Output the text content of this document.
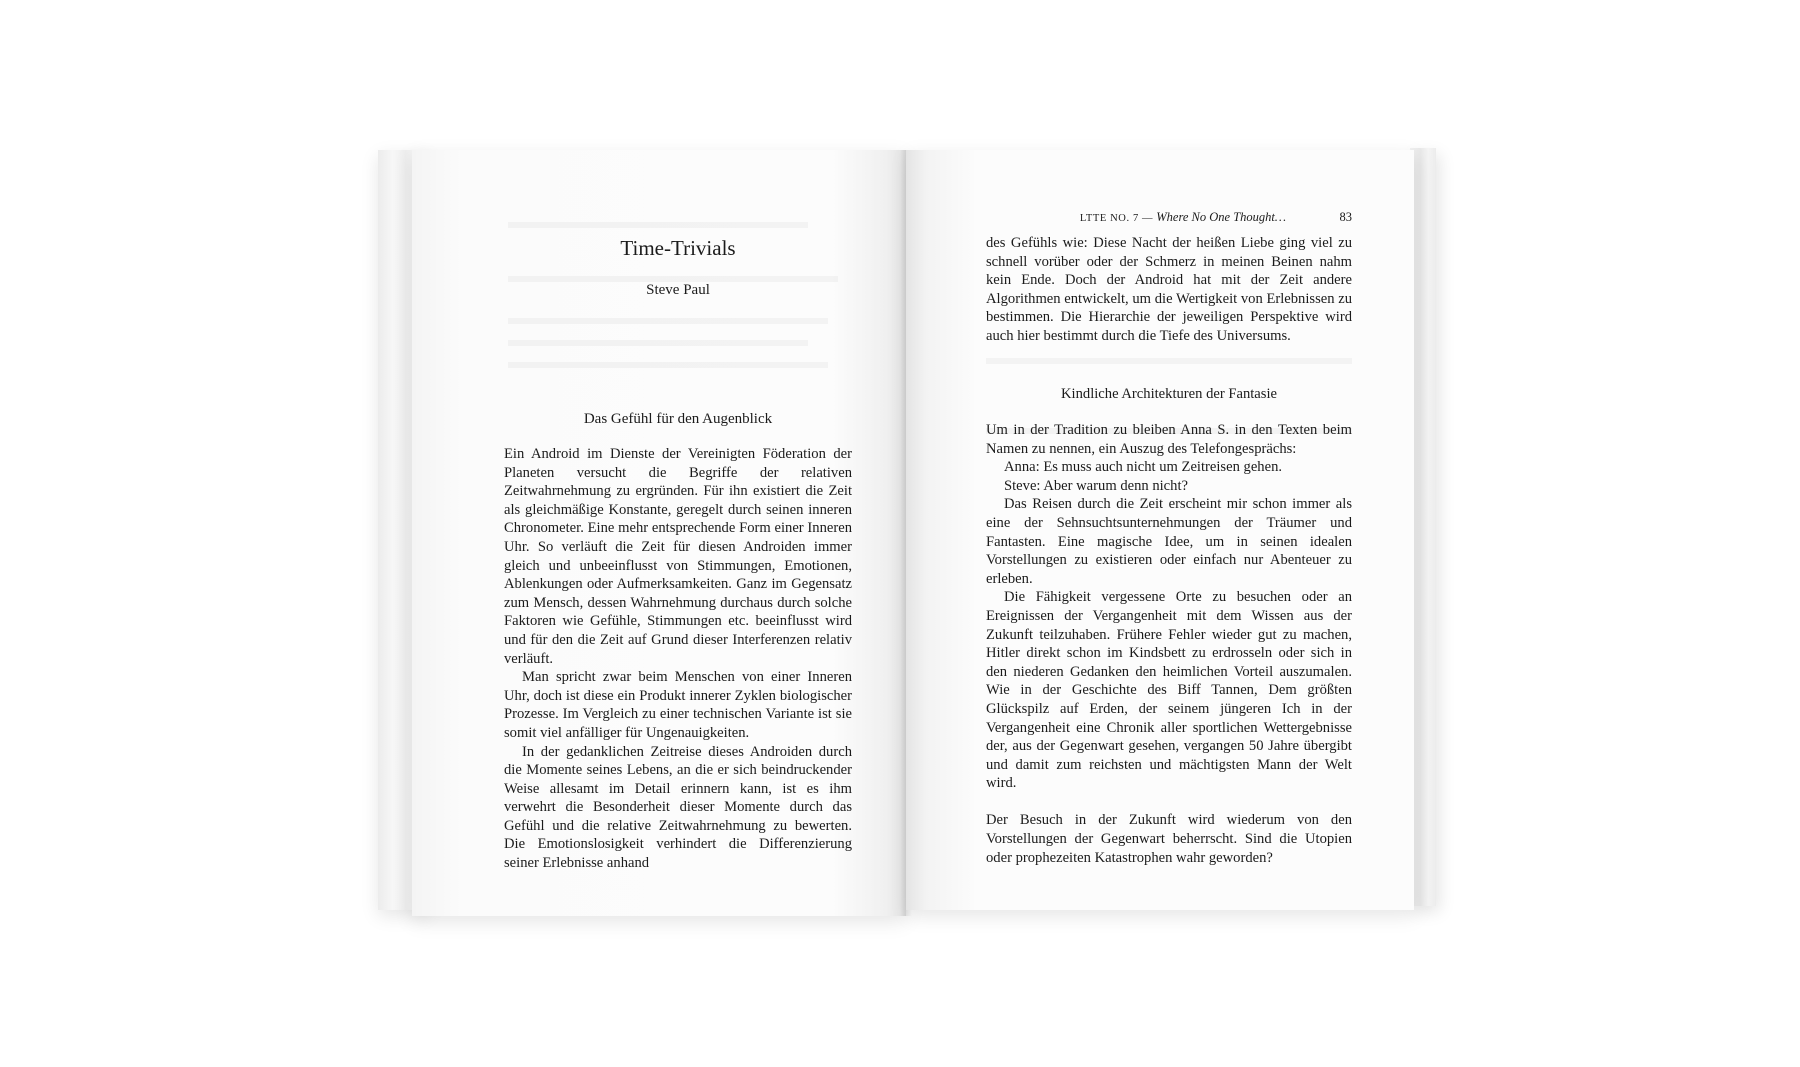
Time-Trivials
Steve Paul
Das Gefühl für den Augenblick

Ein Android im Dienste der Vereinigten Föderation der Planeten versucht die Begriffe der relativen Zeitwahrnehmung zu ergründen. Für ihn existiert die Zeit als gleichmäßige Konstante, geregelt durch seinen inneren Chronometer. Eine mehr entsprechende Form einer Inneren Uhr. So verläuft die Zeit für diesen Androiden immer gleich und unbeeinflusst von Stimmungen, Emotionen, Ablenkungen oder Aufmerksamkeiten. Ganz im Gegensatz zum Mensch, dessen Wahrnehmung durchaus durch solche Faktoren wie Gefühle, Stimmungen etc. beeinflusst wird und für den die Zeit auf Grund dieser Interferenzen relativ verläuft.

Man spricht zwar beim Menschen von einer Inneren Uhr, doch ist diese ein Produkt innerer Zyklen biologischer Prozesse. Im Vergleich zu einer technischen Variante ist sie somit viel anfälliger für Ungenauigkeiten.

In der gedanklichen Zeitreise dieses Androiden durch die Momente seines Lebens, an die er sich beindruckender Weise allesamt im Detail erinnern kann, ist es ihm verwehrt die Besonderheit dieser Momente durch das Gefühl und die relative Zeitwahrnehmung zu bewerten. Die Emotionslosigkeit verhindert die Differenzierung seiner Erlebnisse anhand

LTTE NO. 7 — Where No One Thought…	83

des Gefühls wie: Diese Nacht der heißen Liebe ging viel zu schnell vorüber oder der Schmerz in meinen Beinen nahm kein Ende. Doch der Android hat mit der Zeit andere Algorithmen entwickelt, um die Wertigkeit von Erlebnissen zu bestimmen. Die Hierarchie der jeweiligen Perspektive wird auch hier bestimmt durch die Tiefe des Universums.

Kindliche Architekturen der Fantasie

Um in der Tradition zu bleiben Anna S. in den Texten beim Namen zu nennen, ein Auszug des Telefongesprächs:

Anna: Es muss auch nicht um Zeitreisen gehen.

Steve: Aber warum denn nicht?

Das Reisen durch die Zeit erscheint mir schon immer als eine der Sehnsuchtsunternehmungen der Träumer und Fantasten. Eine magische Idee, um in seinen idealen Vorstellungen zu existieren oder einfach nur Abenteuer zu erleben.

Die Fähigkeit vergessene Orte zu besuchen oder an Ereignissen der Vergangenheit mit dem Wissen aus der Zukunft teilzuhaben. Frühere Fehler wieder gut zu machen, Hitler direkt schon im Kindsbett zu erdrosseln oder sich in den niederen Gedanken den heimlichen Vorteil auszumalen. Wie in der Geschichte des Biff Tannen, Dem größten Glückspilz auf Erden, der seinem jüngeren Ich in der Vergangenheit eine Chronik aller sportlichen Wettergebnisse der, aus der Gegenwart gesehen, vergangen 50 Jahre übergibt und damit zum reichsten und mächtigsten Mann der Welt wird.

Der Besuch in der Zukunft wird wiederum von den Vorstellungen der Gegenwart beherrscht. Sind die Utopien oder prophezeiten Katastrophen wahr geworden?
